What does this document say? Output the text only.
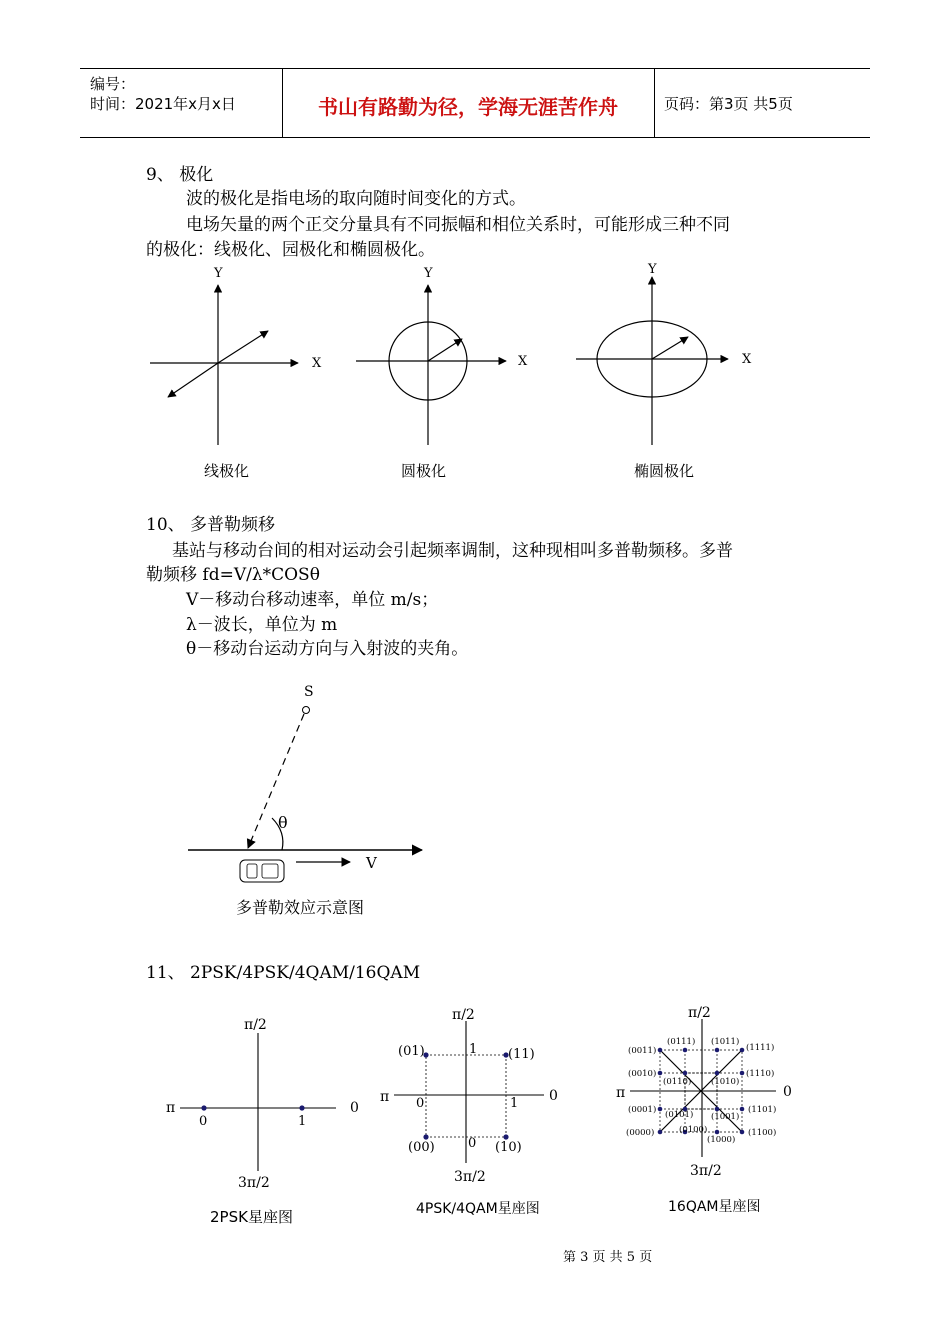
编号：
时间：2021年x月x日	书山有路勤为径，学海无涯苦作舟	页码：第3页 共5页
9、 极化
波的极化是指电场的取向随时间变化的方式。
电场矢量的两个正交分量具有不同振幅和相位关系时，可能形成三种不同
的极化：线极化、园极化和椭圆极化。
Y
X
Y
X
Y
X
线极化	圆极化	椭圆极化
10、 多普勒频移
基站与移动台间的相对运动会引起频率调制，这种现相叫多普勒频移。多普
勒频移 fd=V/λ*COSθ
V－移动台移动速率，单位 m/s；
λ－波长，单位为 m
θ－移动台运动方向与入射波的夹角。
S
θ
V
多普勒效应示意图
11、 2PSK/4PSK/4QAM/16QAM
π/2
3π/2
π	0
0	1
π/2
3π/2
π	0
(01)	(11)
(00)	(10)
1
0	1
0
π/2
3π/2
π	0
(0011)
(0111) (1011)
(1111)
(0010)
(0110) (1010)
(1110)
(0001) (0101) (1001)
(1101)
(0000)	(0100)
(1000)
(1100)
2PSK星座图	4PSK/4QAM星座图	16QAM星座图
第 3 页 共 5 页
